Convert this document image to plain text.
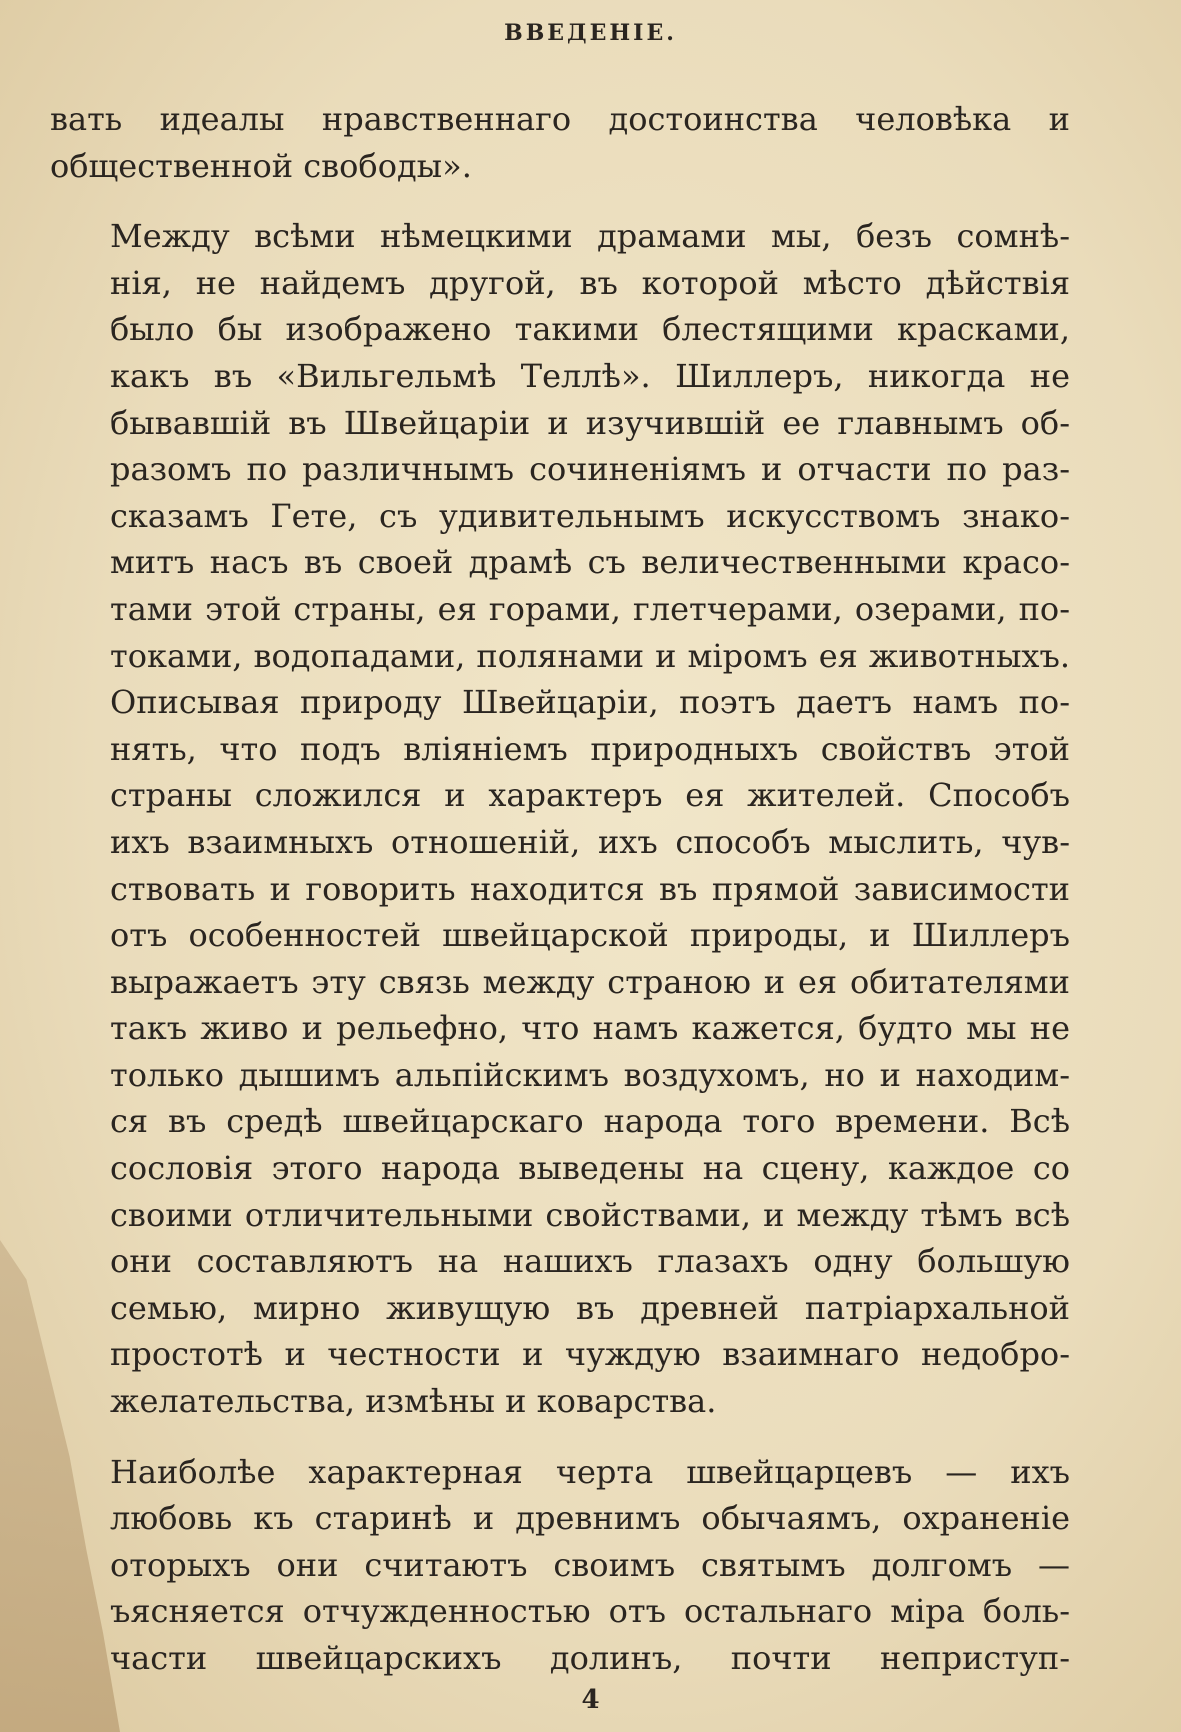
ВВЕДЕНІЕ.
вать идеалы нравственнаго достоинства человѣка и
общественной свободы».
Между всѣми нѣмецкими драмами мы, безъ сомнѣ-
нія, не найдемъ другой, въ которой мѣсто дѣйствія
было бы изображено такими блестящими красками,
какъ въ «Вильгельмѣ Теллѣ». Шиллеръ, никогда не
бывавшій въ Швейцаріи и изучившій ее главнымъ об-
разомъ по различнымъ сочиненіямъ и отчасти по раз-
сказамъ Гете, съ удивительнымъ искусствомъ знако-
митъ насъ въ своей драмѣ съ величественными красо-
тами этой страны, ея горами, глетчерами, озерами, по-
токами, водопадами, полянами и міромъ ея животныхъ.
Описывая природу Швейцаріи, поэтъ даетъ намъ по-
нять, что подъ вліяніемъ природныхъ свойствъ этой
страны сложился и характеръ ея жителей. Способъ
ихъ взаимныхъ отношеній, ихъ способъ мыслить, чув-
ствовать и говорить находится въ прямой зависимости
отъ особенностей швейцарской природы, и Шиллеръ
выражаетъ эту связь между страною и ея обитателями
такъ живо и рельефно, что намъ кажется, будто мы не
только дышимъ альпійскимъ воздухомъ, но и находим-
ся въ средѣ швейцарскаго народа того времени. Всѣ
сословія этого народа выведены на сцену, каждое со
своими отличительными свойствами, и между тѣмъ всѣ
они составляютъ на нашихъ глазахъ одну большую
семью, мирно живущую въ древней патріархальной
простотѣ и честности и чуждую взаимнаго недобро-
желательства, измѣны и коварства.
Наиболѣе характерная черта швейцарцевъ — ихъ
любовь къ старинѣ и древнимъ обычаямъ, охраненіе
оторыхъ они считаютъ своимъ святымъ долгомъ —
ъясняется отчужденностью отъ остальнаго міра боль-
части швейцарскихъ долинъ, почти неприступ-
4
